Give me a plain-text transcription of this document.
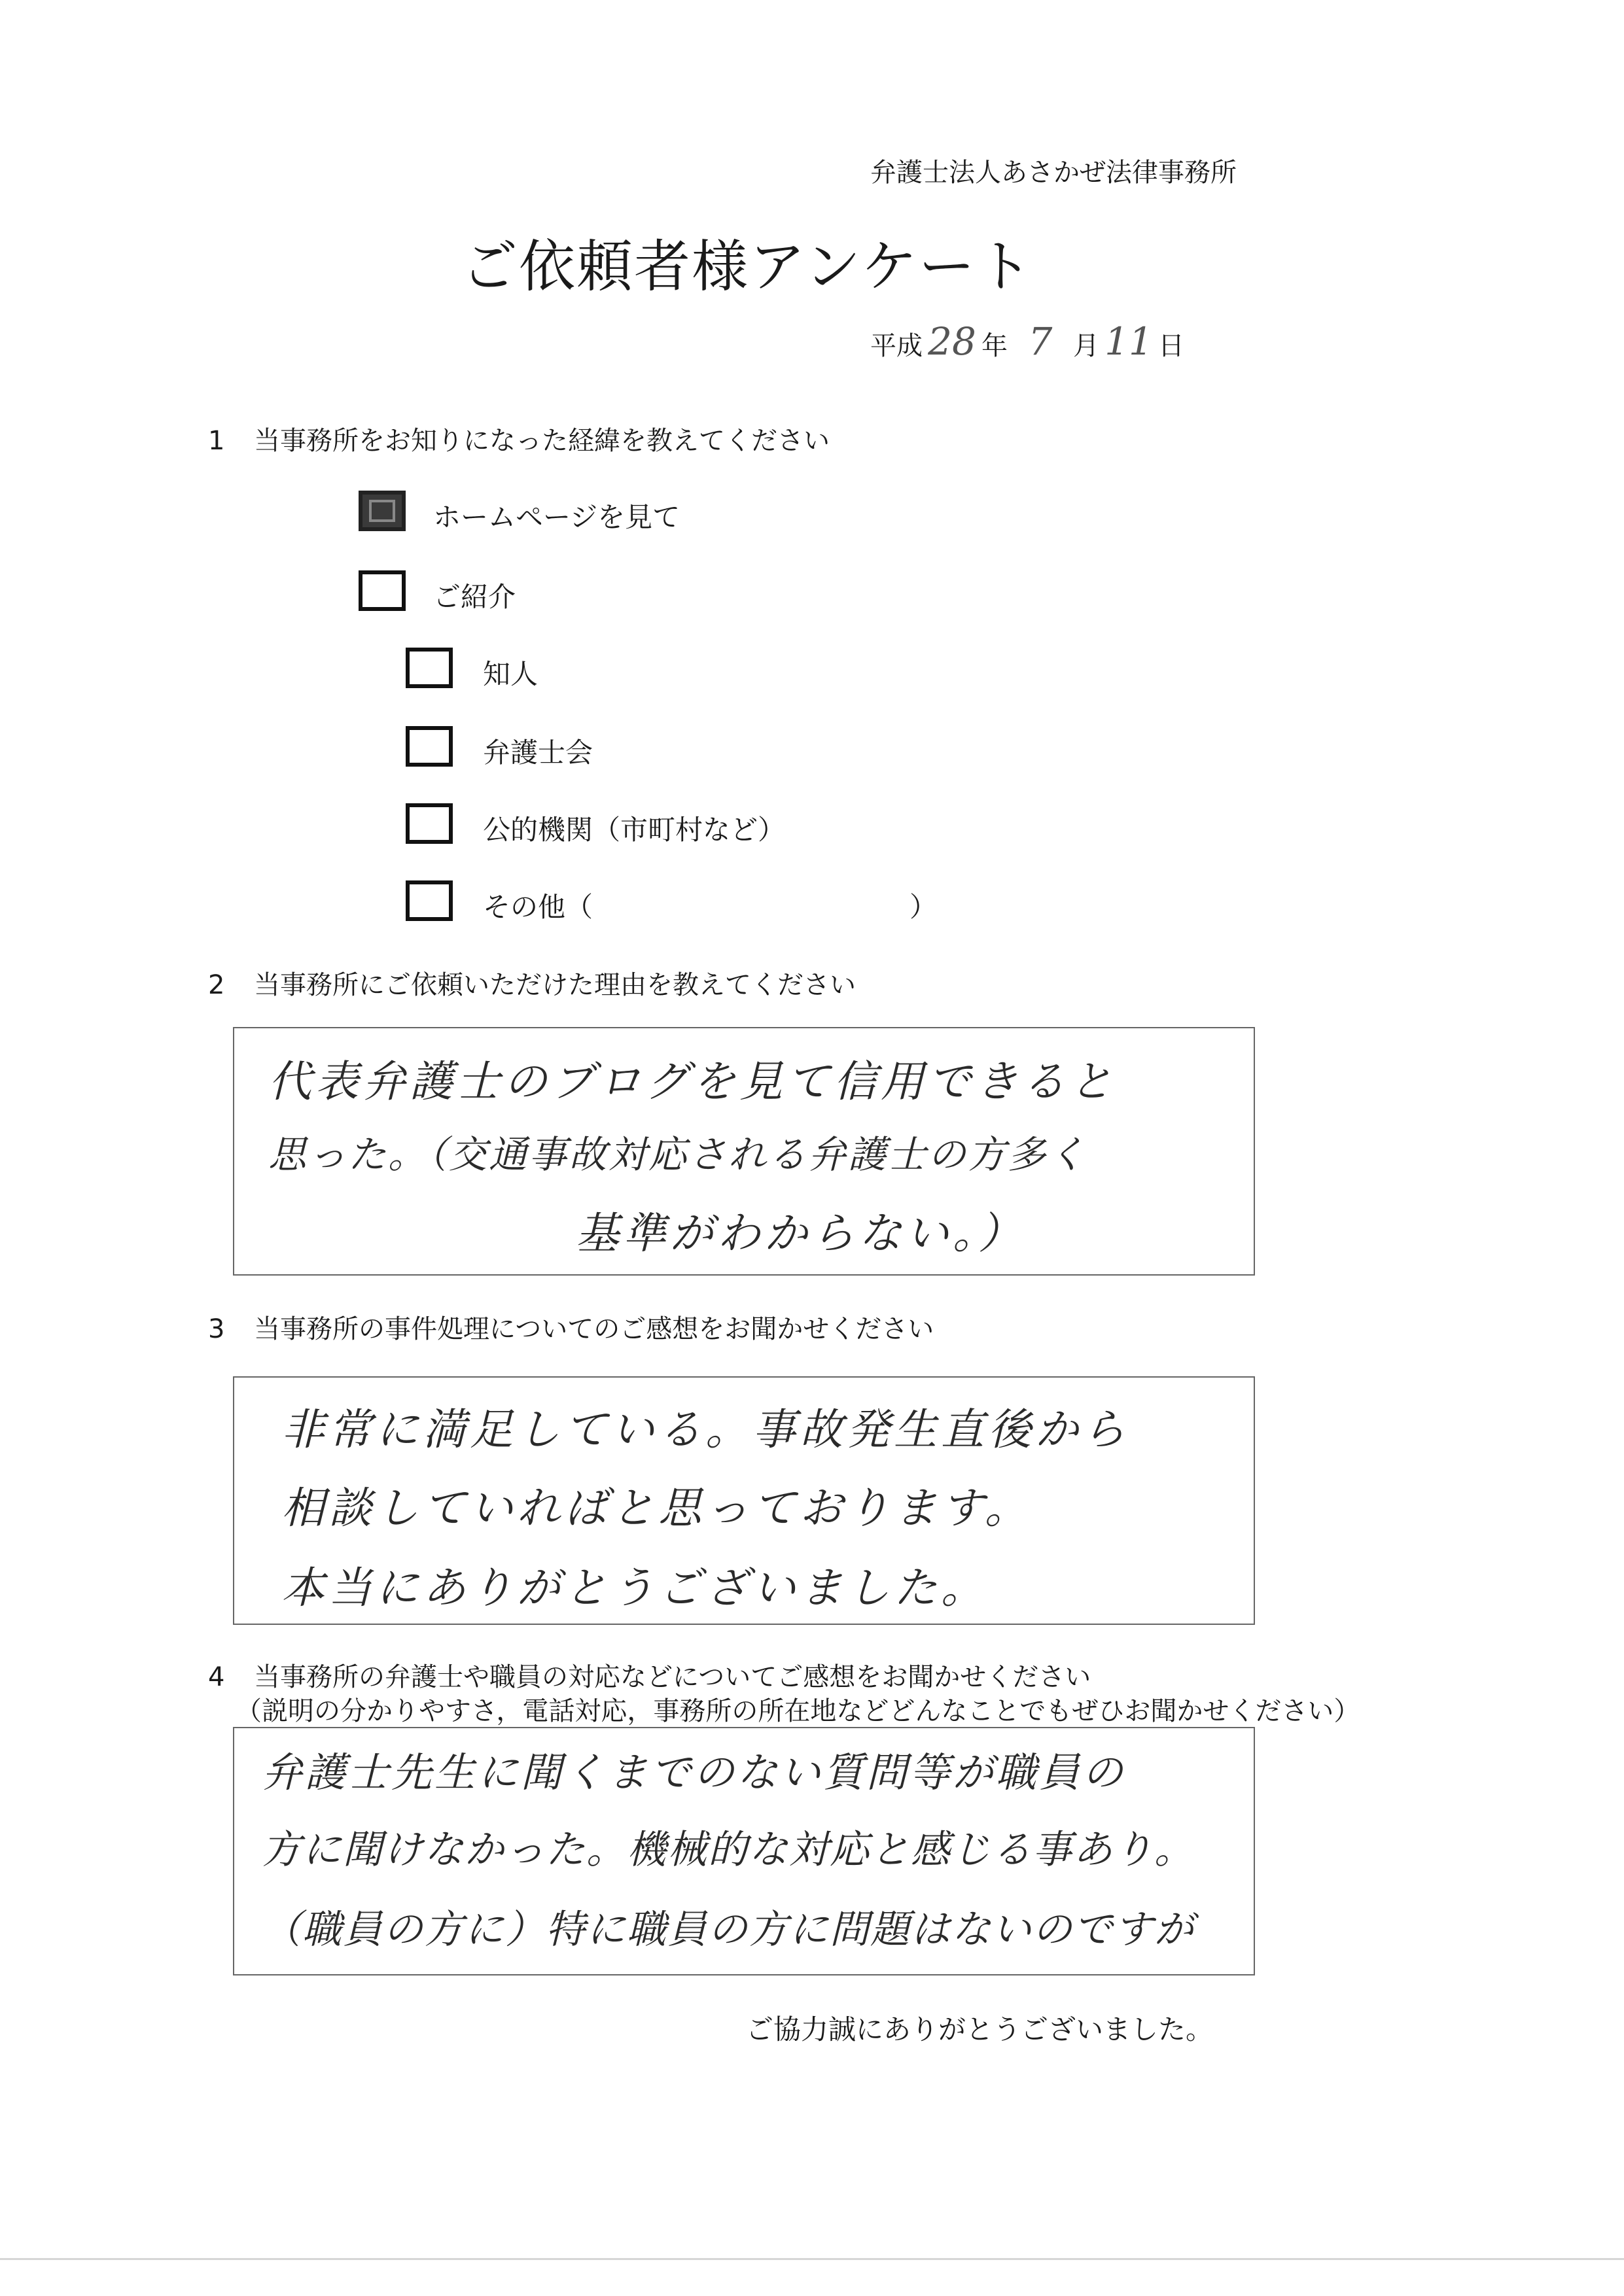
弁護士法人あさかぜ法律事務所
ご依頼者様アンケート
平成 28 年 7 月 11 日
1 当事務所をお知りになった経緯を教えてください
ホームページを見て
ご紹介
知人
弁護士会
公的機関（市町村など）
その他（	）
2 当事務所にご依頼いただけた理由を教えてください
代表弁護士のブログを見て信用できると
思った。（交通事故対応される弁護士の方多く
基準がわからない。）
3 当事務所の事件処理についてのご感想をお聞かせください
非常に満足している。事故発生直後から
相談していればと思っております。
本当にありがとうございました。
4 当事務所の弁護士や職員の対応などについてご感想をお聞かせください
（説明の分かりやすさ，電話対応，事務所の所在地などどんなことでもぜひお聞かせください）
弁護士先生に聞くまでのない質問等が職員の
方に聞けなかった。機械的な対応と感じる事あり。
（職員の方に）特に職員の方に問題はないのですが
ご協力誠にありがとうございました。
